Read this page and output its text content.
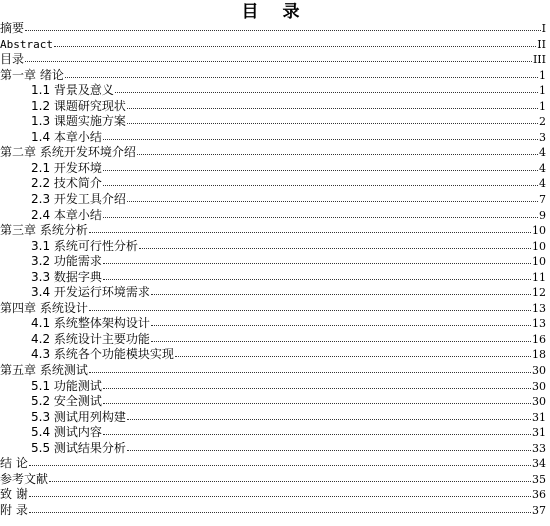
目 录
摘要	I
Abstract	II
目录	III
第一章 绪论	1
1.1 背景及意义	1
1.2 课题研究现状	1
1.3 课题实施方案	2
1.4 本章小结	3
第二章 系统开发环境介绍	4
2.1 开发环境	4
2.2 技术简介	4
2.3 开发工具介绍	7
2.4 本章小结	9
第三章 系统分析	10
3.1 系统可行性分析	10
3.2 功能需求	10
3.3 数据字典	11
3.4 开发运行环境需求	12
第四章 系统设计	13
4.1 系统整体架构设计	13
4.2 系统设计主要功能	16
4.3 系统各个功能模块实现	18
第五章 系统测试	30
5.1 功能测试	30
5.2 安全测试	30
5.3 测试用列构建	31
5.4 测试内容	31
5.5 测试结果分析	33
结 论	34
参考文献	35
致 谢	36
附 录	37
